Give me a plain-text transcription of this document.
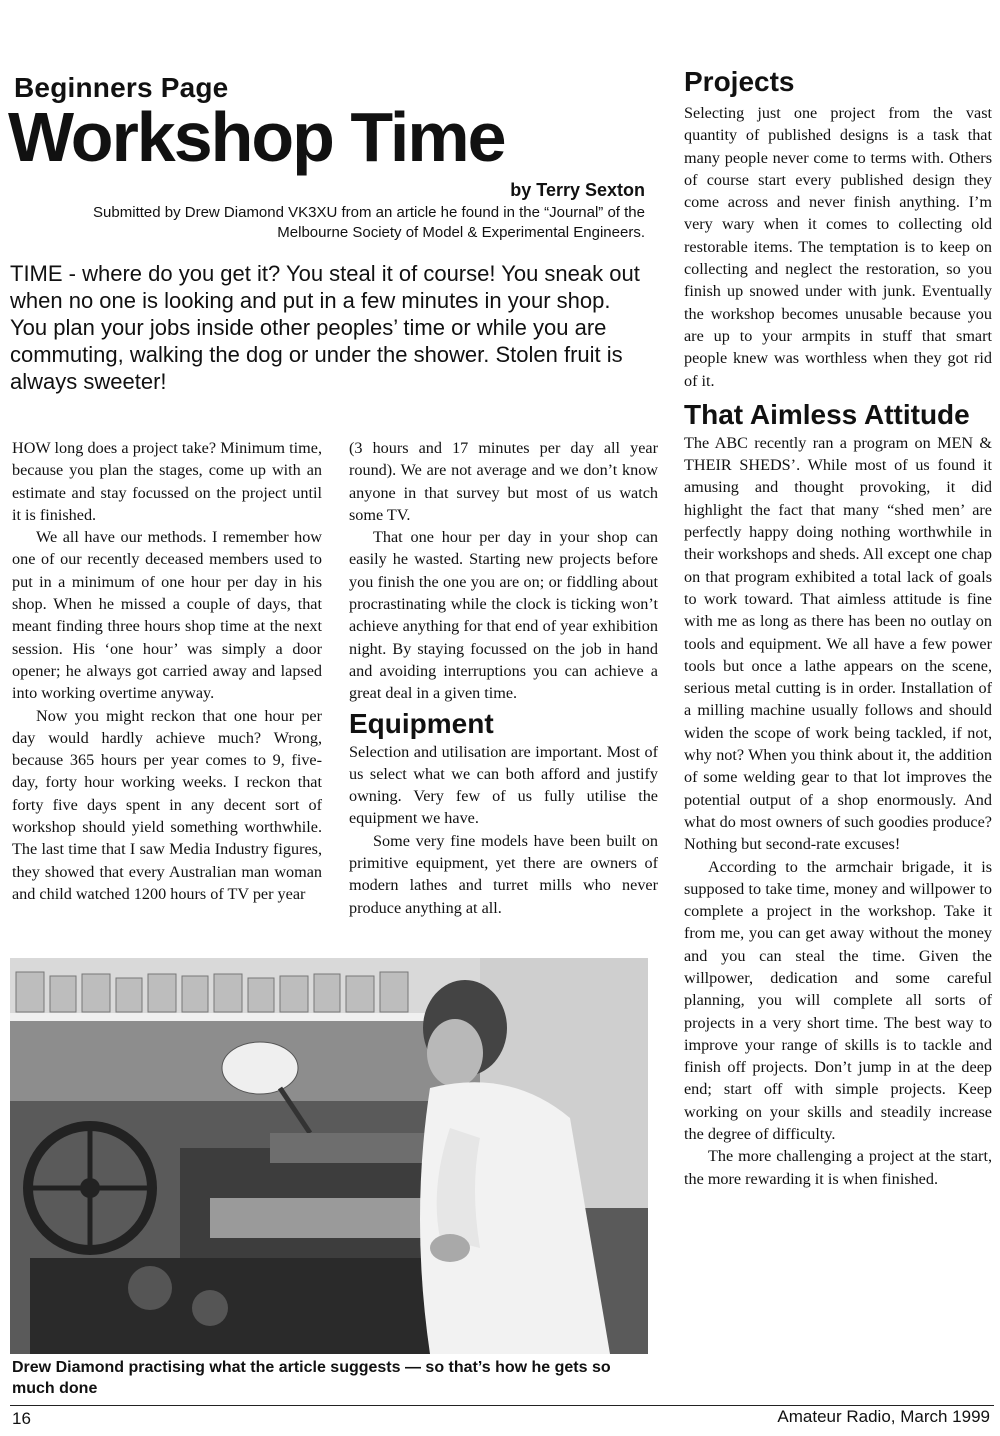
Beginners Page
Workshop Time
by Terry Sexton
Submitted by Drew Diamond VK3XU from an article he found in the “Journal” of the Melbourne Society of Model & Experimental Engineers.
TIME - where do you get it? You steal it of course! You sneak out when no one is looking and put in a few minutes in your shop. You plan your jobs inside other peoples’ time or while you are commuting, walking the dog or under the shower. Stolen fruit is always sweeter!

HOW long does a project take? Minimum time, because you plan the stages, come up with an estimate and stay focussed on the project until it is finished.

We all have our methods. I remember how one of our recently deceased members used to put in a minimum of one hour per day in his shop. When he missed a couple of days, that meant finding three hours shop time at the next session. His ‘one hour’ was simply a door opener; he always got carried away and lapsed into working overtime anyway.

Now you might reckon that one hour per day would hardly achieve much? Wrong, because 365 hours per year comes to 9, five-day, forty hour working weeks. I reckon that forty five days spent in any decent sort of workshop should yield something worthwhile. The last time that I saw Media Industry figures, they showed that every Australian man woman and child watched 1200 hours of TV per year

(3 hours and 17 minutes per day all year round). We are not average and we don’t know anyone in that survey but most of us watch some TV.

That one hour per day in your shop can easily he wasted. Starting new projects before you finish the one you are on; or fiddling about procrastinating while the clock is ticking won’t achieve anything for that end of year exhibition night. By staying focussed on the job in hand and avoiding interruptions you can achieve a great deal in a given time.

Equipment

Selection and utilisation are important. Most of us select what we can both afford and justify owning. Very few of us fully utilise the equipment we have.

Some very fine models have been built on primitive equipment, yet there are owners of modern lathes and turret mills who never produce anything at all.

Projects

Selecting just one project from the vast quantity of published designs is a task that many people never come to terms with. Others of course start every published design they come across and never finish anything. I’m very wary when it comes to collecting old restorable items. The temptation is to keep on collecting and neglect the restoration, so you finish up snowed under with junk. Eventually the workshop becomes unusable because you are up to your armpits in stuff that smart people knew was worthless when they got rid of it.

That Aimless Attitude

The ABC recently ran a program on MEN & THEIR SHEDS’. While most of us found it amusing and thought provoking, it did highlight the fact that many “shed men’ are perfectly happy doing nothing worthwhile in their workshops and sheds. All except one chap on that program exhibited a total lack of goals to work toward. That aimless attitude is fine with me as long as there has been no outlay on tools and equipment. We all have a few power tools but once a lathe appears on the scene, serious metal cutting is in order. Installation of a milling machine usually follows and should widen the scope of work being tackled, if not, why not? When you think about it, the addition of some welding gear to that lot improves the potential output of a shop enormously. And what do most owners of such goodies produce? Nothing but second-rate excuses!

According to the armchair brigade, it is supposed to take time, money and willpower to complete a project in the workshop. Take it from me, you can get away without the money and you can steal the time. Given the willpower, dedication and some careful planning, you will complete all sorts of projects in a very short time. The best way to improve your range of skills is to tackle and finish off projects. Don’t jump in at the deep end; start off with simple projects. Keep working on your skills and steadily increase the degree of difficulty.

The more challenging a project at the start, the more rewarding it is when finished.

Drew Diamond practising what the article suggests — so that’s how he gets so much done
16	Amateur Radio, March 1999
